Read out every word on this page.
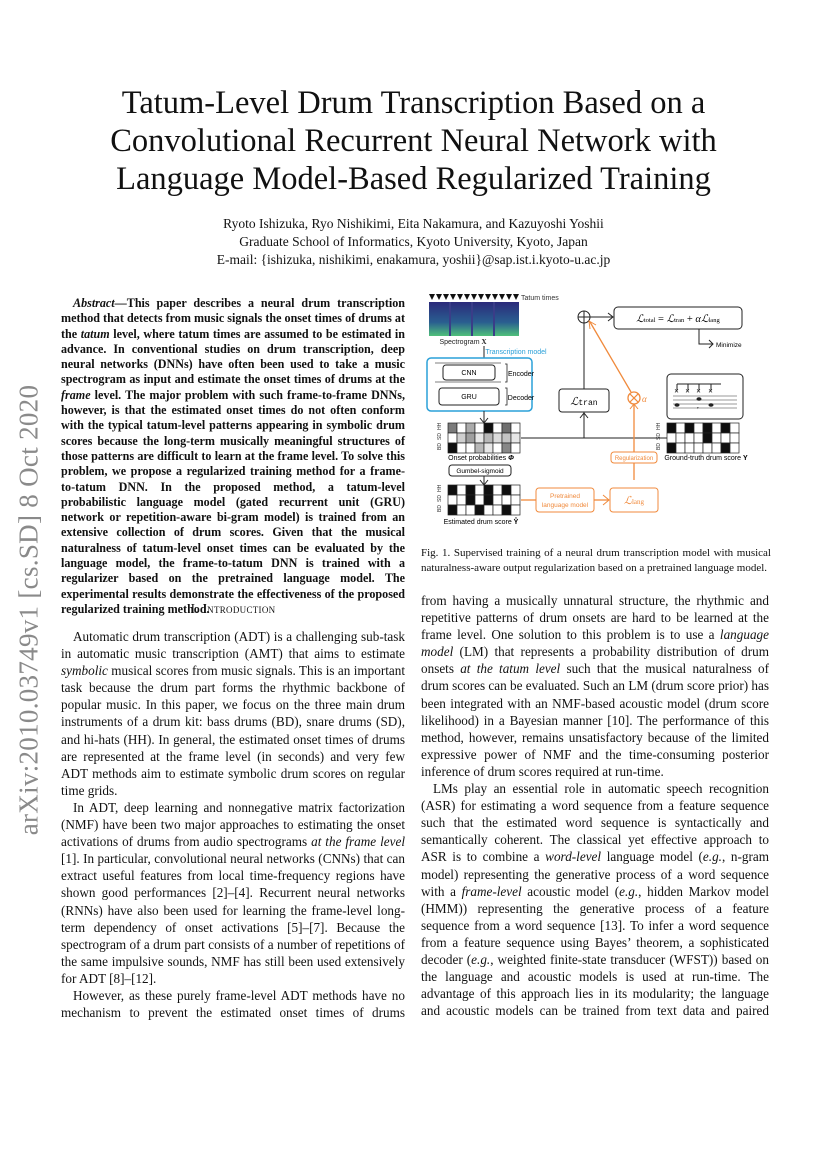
arXiv:2010.03749v1 [cs.SD] 8 Oct 2020
Tatum-Level Drum Transcription Based on a
Convolutional Recurrent Neural Network with
Language Model-Based Regularized Training
Ryoto Ishizuka, Ryo Nishikimi, Eita Nakamura, and Kazuyoshi Yoshii
Graduate School of Informatics, Kyoto University, Kyoto, Japan
E-mail: {ishizuka, nishikimi, enakamura, yoshii}@sap.ist.i.kyoto-u.ac.jp

Abstract—This paper describes a neural drum transcription method that detects from music signals the onset times of drums at the tatum level, where tatum times are assumed to be estimated in advance. In conventional studies on drum transcription, deep neural networks (DNNs) have often been used to take a music spectrogram as input and estimate the onset times of drums at the frame level. The major problem with such frame-to-frame DNNs, however, is that the estimated onset times do not often conform with the typical tatum-level patterns appearing in symbolic drum scores because the long-term musically meaningful structures of those patterns are difficult to learn at the frame level. To solve this problem, we propose a regularized training method for a frame-to-tatum DNN. In the proposed method, a tatum-level probabilistic language model (gated recurrent unit (GRU) network or repetition-aware bi-gram model) is trained from an extensive collection of drum scores. Given that the musical naturalness of tatum-level onset times can be evaluated by the language model, the frame-to-tatum DNN is trained with a regularizer based on the pretrained language model. The experimental results demonstrate the effectiveness of the proposed regularized training method.

I. Introduction

Automatic drum transcription (ADT) is a challenging sub-task in automatic music transcription (AMT) that aims to estimate symbolic musical scores from music signals. This is an important task because the drum part forms the rhythmic backbone of popular music. In this paper, we focus on the three main drum instruments of a drum kit: bass drums (BD), snare drums (SD), and hi-hats (HH). In general, the estimated onset times of drums are represented at the frame level (in seconds) and very few ADT methods aim to estimate symbolic drum scores on regular time grids.

In ADT, deep learning and nonnegative matrix factorization (NMF) have been two major approaches to estimating the onset activations of drums from audio spectrograms at the frame level [1]. In particular, convolutional neural networks (CNNs) that can extract useful features from local time-frequency regions have shown good performances [2]–[4]. Recurrent neural networks (RNNs) have also been used for learning the frame-level long-term dependency of onset activations [5]–[7]. Because the spectrogram of a drum part consists of a number of repetitions of the same impulsive sounds, NMF has still been used extensively for ADT [8]–[12].

However, as these purely frame-level ADT methods have no mechanism to prevent the estimated onset times of drums

Tatum times
Spectrogram X
Transcription model
CNN	Encoder
GRU	Decoder
HH
SD
BD
Onset probabilities Φ
Gumbel-sigmoid
HH
SD
BD
Estimated drum score Ŷ
ℒtran
ℒtotal = ℒtran + αℒlang
Minimize
α
Regularization
Pretrained
language model	ℒlang
✕ ✕ ✕ ✕
𝄾
HH
SD
BD
Ground-truth drum score Y
Fig. 1. Supervised training of a neural drum transcription model with musical naturalness-aware output regularization based on a pretrained language model.

from having a musically unnatural structure, the rhythmic and repetitive patterns of drum onsets are hard to be learned at the frame level. One solution to this problem is to use a language model (LM) that represents a probability distribution of drum onsets at the tatum level such that the musical naturalness of drum scores can be evaluated. Such an LM (drum score prior) has been integrated with an NMF-based acoustic model (drum score likelihood) in a Bayesian manner [10]. The performance of this method, however, remains unsatisfactory because of the limited expressive power of NMF and the time-consuming posterior inference of drum scores required at run-time.

LMs play an essential role in automatic speech recognition (ASR) for estimating a word sequence from a feature sequence such that the estimated word sequence is syntactically and semantically coherent. The classical yet effective approach to ASR is to combine a word-level language model (e.g., n-gram model) representing the generative process of a word sequence with a frame-level acoustic model (e.g., hidden Markov model (HMM)) representing the generative process of a feature sequence from a word sequence [13]. To infer a word sequence from a feature sequence using Bayes’ theorem, a sophisticated decoder (e.g., weighted finite-state transducer (WFST)) based on the language and acoustic models is used at run-time. The advantage of this approach lies in its modularity; the language and acoustic models can be trained from text data and paired
